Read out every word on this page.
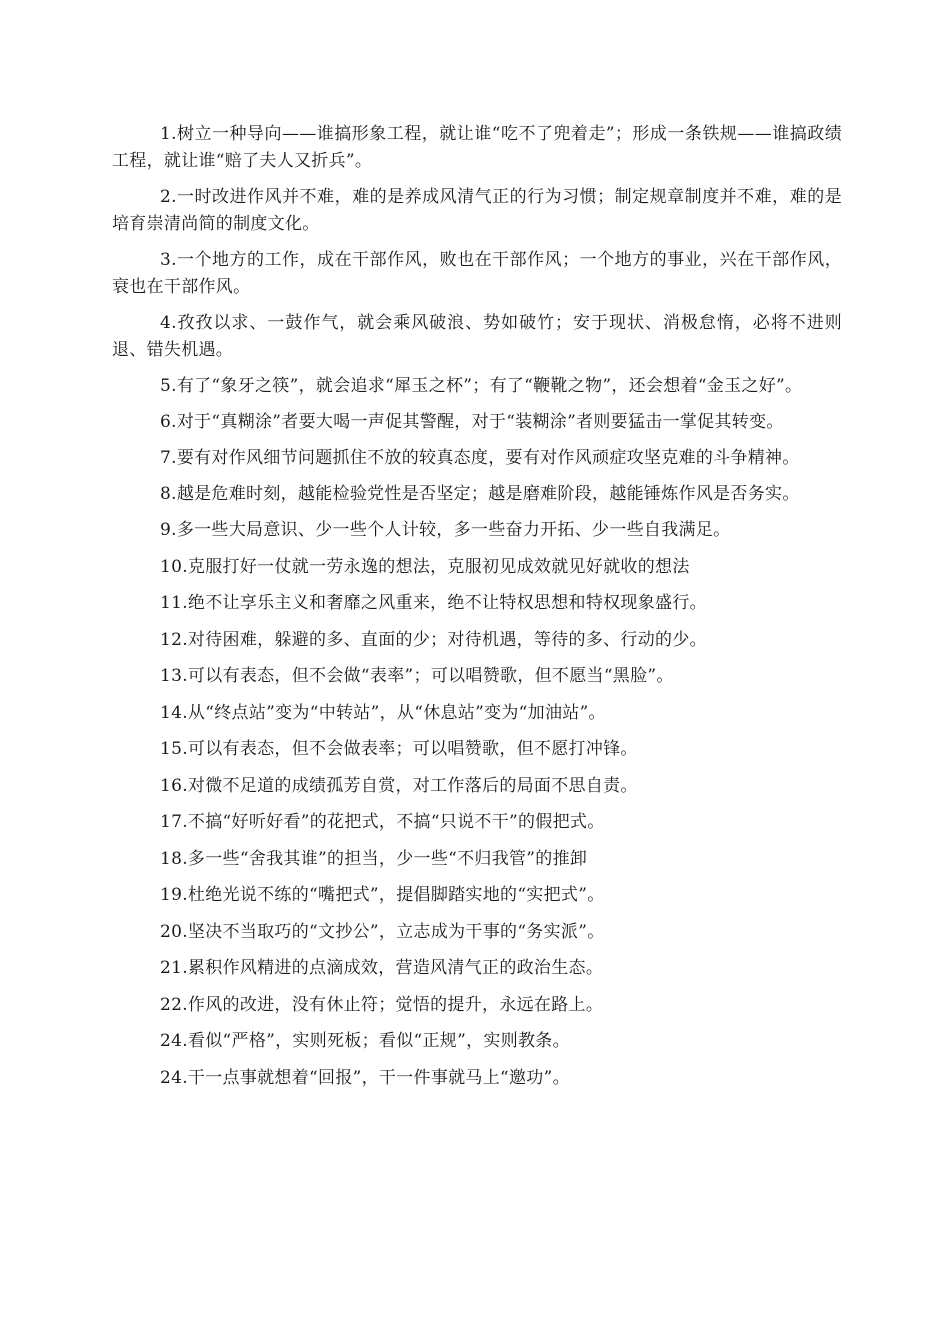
1.树立一种导向——谁搞形象工程，就让谁“吃不了兜着走”；形成一条铁规——谁搞政绩工程，就让谁“赔了夫人又折兵”。

2.一时改进作风并不难，难的是养成风清气正的行为习惯；制定规章制度并不难，难的是培育崇清尚简的制度文化。

3.一个地方的工作，成在干部作风，败也在干部作风；一个地方的事业，兴在干部作风，衰也在干部作风。

4.孜孜以求、一鼓作气，就会乘风破浪、势如破竹；安于现状、消极怠惰，必将不进则退、错失机遇。

5.有了“象牙之筷”，就会追求“犀玉之杯”；有了“鞭靴之物”，还会想着“金玉之好”。

6.对于“真糊涂”者要大喝一声促其警醒，对于“装糊涂”者则要猛击一掌促其转变。

7.要有对作风细节问题抓住不放的较真态度，要有对作风顽症攻坚克难的斗争精神。

8.越是危难时刻，越能检验党性是否坚定；越是磨难阶段，越能锤炼作风是否务实。

9.多一些大局意识、少一些个人计较，多一些奋力开拓、少一些自我满足。

10.克服打好一仗就一劳永逸的想法，克服初见成效就见好就收的想法

11.绝不让享乐主义和奢靡之风重来，绝不让特权思想和特权现象盛行。

12.对待困难，躲避的多、直面的少；对待机遇，等待的多、行动的少。

13.可以有表态，但不会做“表率”；可以唱赞歌，但不愿当“黑脸”。

14.从“终点站”变为“中转站”，从“休息站”变为“加油站”。

15.可以有表态，但不会做表率；可以唱赞歌，但不愿打冲锋。

16.对微不足道的成绩孤芳自赏，对工作落后的局面不思自责。

17.不搞“好听好看”的花把式，不搞“只说不干”的假把式。

18.多一些“舍我其谁”的担当，少一些“不归我管”的推卸

19.杜绝光说不练的“嘴把式”，提倡脚踏实地的“实把式”。

20.坚决不当取巧的“文抄公”，立志成为干事的“务实派”。

21.累积作风精进的点滴成效，营造风清气正的政治生态。

22.作风的改进，没有休止符；觉悟的提升，永远在路上。

24.看似“严格”，实则死板；看似“正规”，实则教条。

24.干一点事就想着“回报”，干一件事就马上“邀功”。
